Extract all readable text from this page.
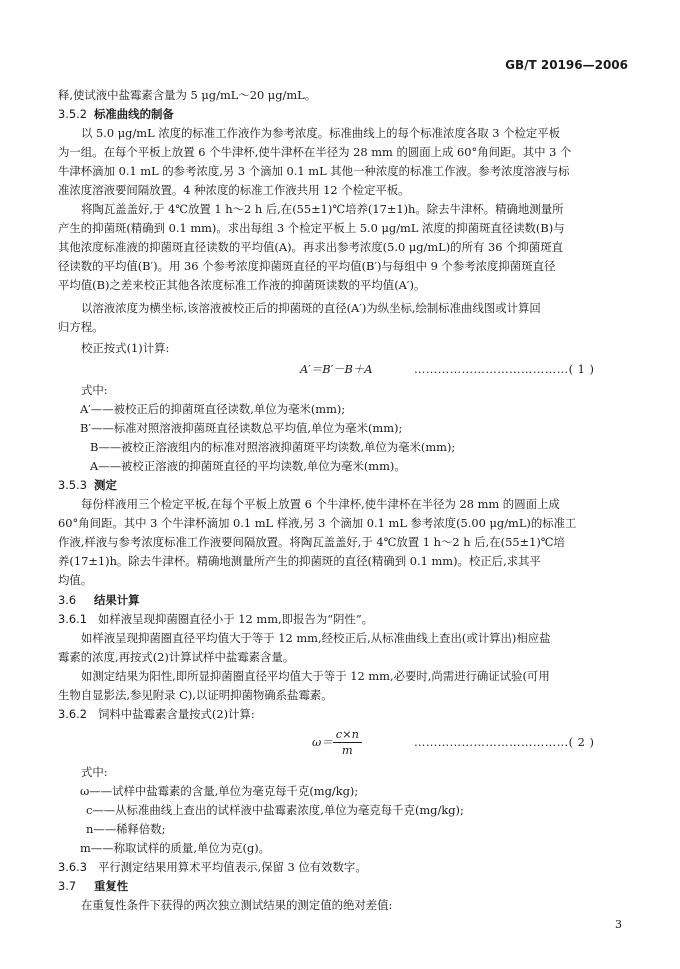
GB/T 20196—2006
释,使试液中盐霉素含量为 5 μg/mL～20 μg/mL。
3.5.2 标准曲线的制备
以 5.0 μg/mL 浓度的标准工作液作为参考浓度。标准曲线上的每个标准浓度各取 3 个检定平板
为一组。在每个平板上放置 6 个牛津杯,使牛津杯在半径为 28 mm 的圆面上成 60°角间距。其中 3 个
牛津杯滴加 0.1 mL 的参考浓度,另 3 个滴加 0.1 mL 其他一种浓度的标准工作液。参考浓度溶液与标
准浓度溶液要间隔放置。4 种浓度的标准工作液共用 12 个检定平板。
将陶瓦盖盖好,于 4℃放置 1 h～2 h 后,在(55±1)℃培养(17±1)h。除去牛津杯。精确地测量所
产生的抑菌斑(精确到 0.1 mm)。求出每组 3 个检定平板上 5.0 μg/mL 浓度的抑菌斑直径读数(B)与
其他浓度标准液的抑菌斑直径读数的平均值(A)。再求出参考浓度(5.0 μg/mL)的所有 36 个抑菌斑直
径读数的平均值(B′)。用 36 个参考浓度抑菌斑直径的平均值(B′)与每组中 9 个参考浓度抑菌斑直径
平均值(B)之差来校正其他各浓度标准工作液的抑菌斑读数的平均值(A′)。
以溶液浓度为横坐标,该溶液被校正后的抑菌斑的直径(A′)为纵坐标,绘制标准曲线图或计算回
归方程。
校正按式(1)计算:
A′＝B′－B＋A	…………………………………( 1 )
式中:
A′——被校正后的抑菌斑直径读数,单位为毫米(mm);
B′——标准对照溶液抑菌斑直径读数总平均值,单位为毫米(mm);
B——被校正溶液组内的标准对照溶液抑菌斑平均读数,单位为毫米(mm);
A——被校正溶液的抑菌斑直径的平均读数,单位为毫米(mm)。
3.5.3 测定
每份样液用三个检定平板,在每个平板上放置 6 个牛津杯,使牛津杯在半径为 28 mm 的圆面上成
60°角间距。其中 3 个牛津杯滴加 0.1 mL 样液,另 3 个滴加 0.1 mL 参考浓度(5.00 μg/mL)的标准工
作液,样液与参考浓度标准工作液要间隔放置。将陶瓦盖盖好,于 4℃放置 1 h～2 h 后,在(55±1)℃培
养(17±1)h。除去牛津杯。精确地测量所产生的抑菌斑的直径(精确到 0.1 mm)。校正后,求其平
均值。
3.6 结果计算
3.6.1 如样液呈现抑菌圈直径小于 12 mm,即报告为“阴性”。
如样液呈现抑菌圈直径平均值大于等于 12 mm,经校正后,从标准曲线上查出(或计算出)相应盐
霉素的浓度,再按式(2)计算试样中盐霉素含量。
如测定结果为阳性,即所显抑菌圈直径平均值大于等于 12 mm,必要时,尚需进行确证试验(可用
生物自显影法,参见附录 C),以证明抑菌物确系盐霉素。
3.6.2 饲料中盐霉素含量按式(2)计算:
$\omega= \frac{c\times n}{m}$	…………………………………( 2 )
式中:
ω——试样中盐霉素的含量,单位为毫克每千克(mg/kg);
c——从标准曲线上查出的试样液中盐霉素浓度,单位为毫克每千克(mg/kg);
n——稀释倍数;
m——称取试样的质量,单位为克(g)。
3.6.3 平行测定结果用算术平均值表示,保留 3 位有效数字。
3.7 重复性
在重复性条件下获得的两次独立测试结果的测定值的绝对差值:
3
